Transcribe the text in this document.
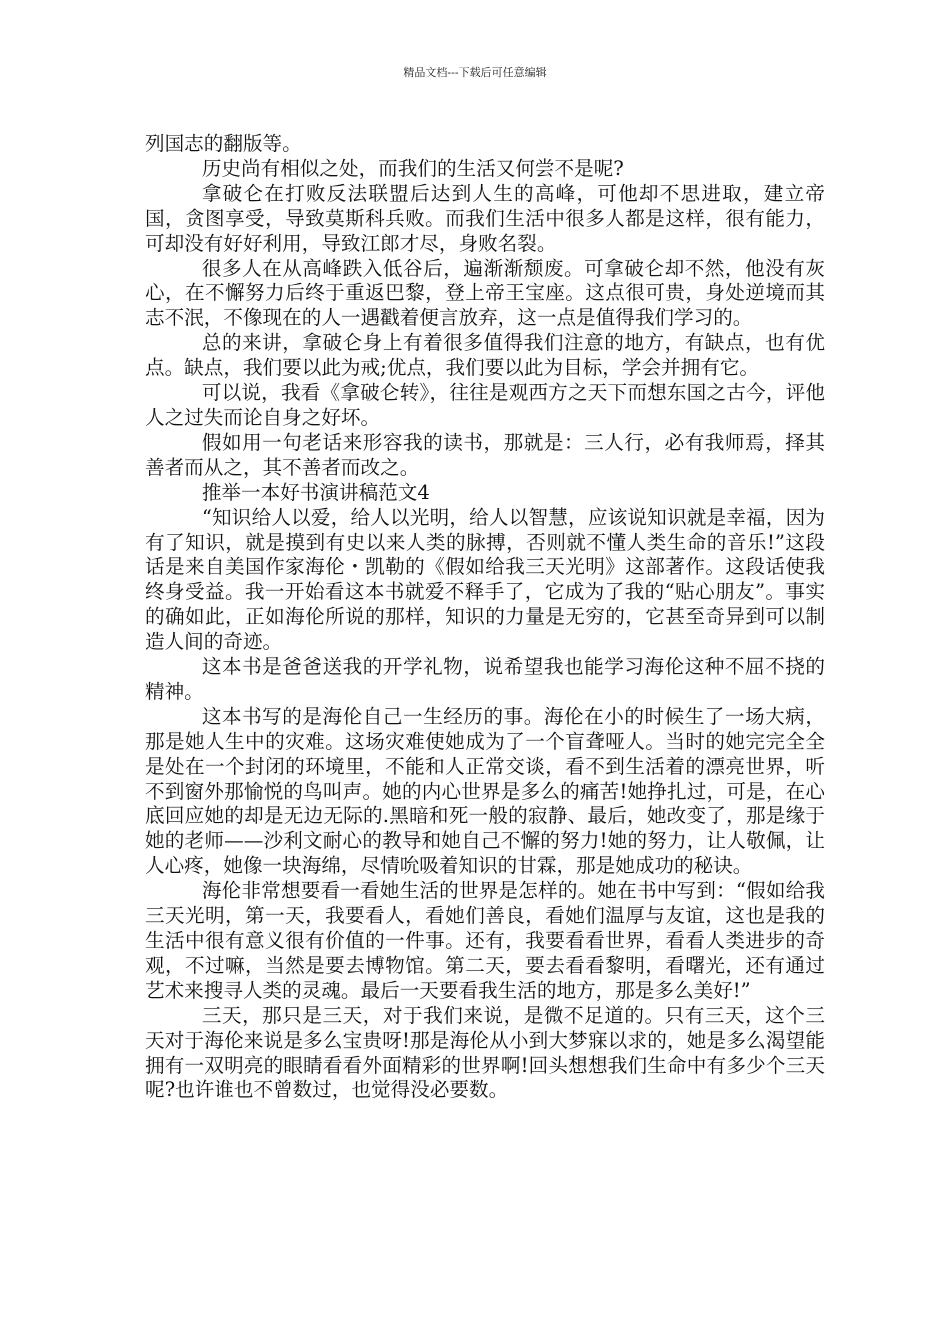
精品文档---下载后可任意编辑

列国志的翻版等。

历史尚有相似之处，而我们的生活又何尝不是呢?

拿破仑在打败反法联盟后达到人生的高峰，可他却不思进取，建立帝国，贪图享受，导致莫斯科兵败。而我们生活中很多人都是这样，很有能力，可却没有好好利用，导致江郎才尽，身败名裂。

很多人在从高峰跌入低谷后，遍渐渐颓废。可拿破仑却不然，他没有灰心，在不懈努力后终于重返巴黎，登上帝王宝座。这点很可贵，身处逆境而其志不泯，不像现在的人一遇戳着便言放弃，这一点是值得我们学习的。

总的来讲，拿破仑身上有着很多值得我们注意的地方，有缺点，也有优点。缺点，我们要以此为戒;优点，我们要以此为目标，学会并拥有它。

可以说，我看《拿破仑转》，往往是观西方之天下而想东国之古今，评他人之过失而论自身之好坏。

假如用一句老话来形容我的读书，那就是：三人行，必有我师焉，择其善者而从之，其不善者而改之。

推举一本好书演讲稿范文4

“知识给人以爱，给人以光明，给人以智慧，应该说知识就是幸福，因为有了知识，就是摸到有史以来人类的脉搏，否则就不懂人类生命的音乐!”这段话是来自美国作家海伦・凯勒的《假如给我三天光明》这部著作。这段话使我终身受益。我一开始看这本书就爱不释手了，它成为了我的“贴心朋友”。事实的确如此，正如海伦所说的那样，知识的力量是无穷的，它甚至奇异到可以制造人间的奇迹。

这本书是爸爸送我的开学礼物，说希望我也能学习海伦这种不屈不挠的精神。

这本书写的是海伦自己一生经历的事。海伦在小的时候生了一场大病，那是她人生中的灾难。这场灾难使她成为了一个盲聋哑人。当时的她完完全全是处在一个封闭的环境里，不能和人正常交谈，看不到生活着的漂亮世界，听不到窗外那愉悦的鸟叫声。她的内心世界是多么的痛苦!她挣扎过，可是，在心底回应她的却是无边无际的.黑暗和死一般的寂静、最后，她改变了，那是缘于她的老师——沙利文耐心的教导和她自己不懈的努力!她的努力，让人敬佩，让人心疼，她像一块海绵，尽情吮吸着知识的甘霖，那是她成功的秘诀。

海伦非常想要看一看她生活的世界是怎样的。她在书中写到：“假如给我三天光明，第一天，我要看人，看她们善良，看她们温厚与友谊，这也是我的生活中很有意义很有价值的一件事。还有，我要看看世界，看看人类进步的奇观，不过嘛，当然是要去博物馆。第二天，要去看看黎明，看曙光，还有通过艺术来搜寻人类的灵魂。最后一天要看我生活的地方，那是多么美好!”

三天，那只是三天，对于我们来说，是微不足道的。只有三天，这个三天对于海伦来说是多么宝贵呀!那是海伦从小到大梦寐以求的，她是多么渴望能拥有一双明亮的眼睛看看外面精彩的世界啊!回头想想我们生命中有多少个三天呢?也许谁也不曾数过，也觉得没必要数。
